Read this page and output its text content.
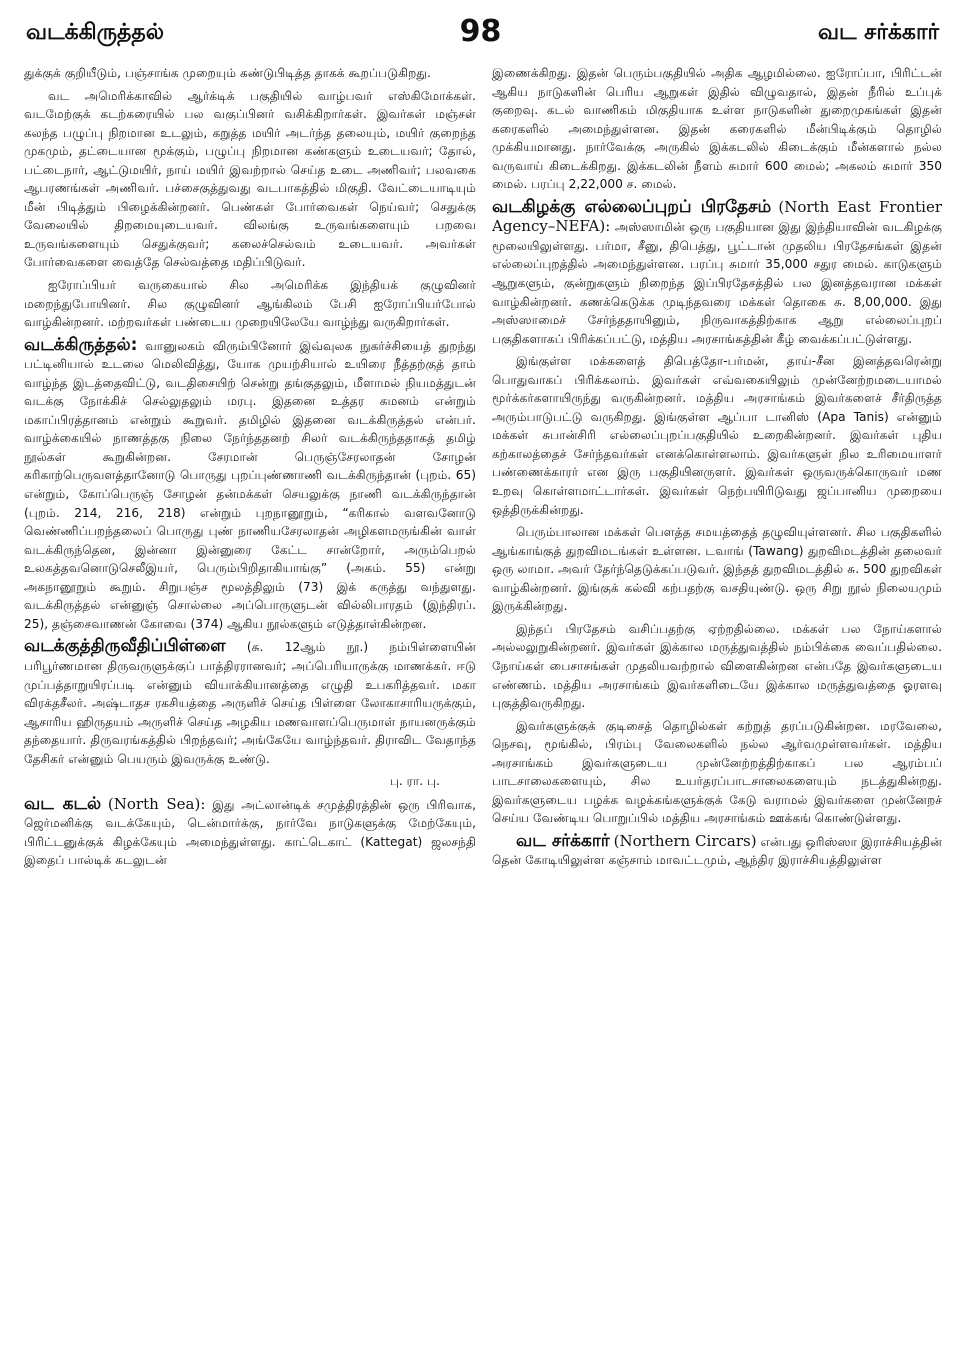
வடக்கிருத்தல்	98	வட சர்க்கார்

துக்குக் குறியீடும், பஞ்சாங்க முறையும் கண்டுபிடித்த தாகக் கூறப்படுகிறது.

வட அமெரிக்காவில் ஆர்க்டிக் பகுதியில் வாழ்பவர் எஸ்கிமோக்கள். வடமேற்குக் கடற்கரையில் பல வகுப்பினர் வசிக்கிறார்கள். இவர்கள் மஞ்சள் கலந்த பழுப்பு நிறமான உடலும், கறுத்த மயிர் அடர்ந்த தலையும், மயிர் குறைந்த முகமும், தட்டையான மூக்கும், பழுப்பு நிறமான கண்களும் உடையவர்; தோல், பட்டைநார், ஆட்டுமயிர், நாய் மயிர் இவற்றால் செய்த உடை அணிவர்; பலவகை ஆபரணங்கள் அணிவர். பச்சைகுத்துவது வடபாகத்தில் மிகுதி. வேட்டையாடியும் மீன் பிடித்தும் பிழைக்கின்றனர். பெண்கள் போர்வைகள் நெய்வர்; செதுக்கு வேலையில் திறமையுடையவர். விலங்கு உருவங்களையும் பறவை உருவங்களையும் செதுக்குவர்; கலைச்செல்வம் உடையவர். அவர்கள் போர்வைகளை வைத்தே செல்வத்தை மதிப்பிடுவர்.

ஐரோப்பியர் வருகையால் சில அமெரிக்க இந்தியக் குழுவினர் மறைந்துபோயினர். சில குழுவினர் ஆங்கிலம் பேசி ஐரோப்பியர்போல் வாழ்கின்றனர். மற்றவர்கள் பண்டைய முறையிலேயே வாழ்ந்து வருகிறார்கள்.

வடக்கிருத்தல்: வானுலகம் விரும்பினோர் இவ்வுலக நுகர்ச்சியைத் துறந்து பட்டினியால் உடலை மெலிவித்து, யோக முயற்சியால் உயிரை நீத்தற்குத் தாம் வாழ்ந்த இடத்தைவிட்டு, வடதிசையிற் சென்று தங்குதலும், மீளாமல் நியமத்துடன் வடக்கு நோக்கிச் செல்லுதலும் மரபு. இதனை உத்தர கமனம் என்றும் மகாப்பிரத்தானம் என்றும் கூறுவர். தமிழில் இதனை வடக்கிருத்தல் என்பர். வாழ்க்கையில் நாணத்தகு நிலை நேர்ந்ததனற் சிலர் வடக்கிருந்ததாகத் தமிழ் நூல்கள் கூறுகின்றன. சேரமான் பெருஞ்சேரலாதன் சோழன் கரிகாற்பெருவளத்தானோடு பொருது புறப்புண்ணாணி வடக்கிருந்தான் (புறம். 65) என்றும், கோப்பெருஞ் சோழன் தன்மக்கள் செயலுக்கு நாணி வடக்கிருந்தான் (புறம். 214, 216, 218) என்றும் புறநானூறும், “கரிகால் வளவனோடு வெண்ணிப்பறந்தலைப் பொருது புண் நாணியசேரலாதன் அழிகளமருங்கின் வாள் வடக்கிருந்தென, இன்னா இன்னுரை கேட்ட சான்றோர், அரும்பெறல் உலகத்தவனொடுசெலீஇயர், பெரும்பிறிதாகியாங்கு” (அகம். 55) என்று அகநானூறும் கூறும். சிறுபஞ்ச மூலத்திலும் (73) இக் கருத்து வந்துளது. வடக்கிருத்தல் என்னுஞ் சொல்லை அப்பொருளுடன் வில்லிபாரதம் (இந்திரப். 25), தஞ்சைவாணன் கோவை (374) ஆகிய நூல்களும் எடுத்தாள்கின்றன.

வடக்குத்திருவீதிப்பிள்ளை (சு. 12ஆம் நூ.) நம்பிள்ளையின் பரிபூர்ணமான திருவருளுக்குப் பாத்திரரானவர்; அப்பெரியாருக்கு மாணக்கர். ஈடு முப்பத்தாறுயிரப்படி என்னும் வியாக்கியானத்தை எழுதி உபகரித்தவர். மகா விரக்தசீலர். அஷ்டாதச ரகசியத்தை அருளிச் செய்த பிள்ளை லோகாசாரியருக்கும், ஆசாரிய ஹிருதயம் அருளிச் செய்த அழகிய மணவாளப்பெருமாள் நாயனருக்கும் தந்தையார். திருவரங்கத்தில் பிறந்தவர்; அங்கேயே வாழ்ந்தவர். திராவிட வேதாந்த தேசிகர் என்னும் பெயரும் இவருக்கு உண்டு.

பு. ரா. பு.

வட கடல் (North Sea): இது அட்லான்டிக் சமுத்திரத்தின் ஒரு பிரிவாக, ஜெர்மனிக்கு வடக்கேயும், டென்மார்க்கு, நார்வே நாடுகளுக்கு மேற்கேயும், பிரிட்டனுக்குக் கிழக்கேயும் அமைந்துள்ளது. காட்டெகாட் (Kattegat) ஜலசந்தி இதைப் பால்டிக் கடலுடன்

இணைக்கிறது. இதன் பெரும்பகுதியில் அதிக ஆழமில்லை. ஐரோப்பா, பிரிட்டன் ஆகிய நாடுகளின் பெரிய ஆறுகள் இதில் விழுவதால், இதன் நீரில் உப்புக் குறைவு. கடல் வாணிகம் மிகுதியாக உள்ள நாடுகளின் துறைமுகங்கள் இதன் கரைகளில் அமைந்துள்ளன. இதன் கரைகளில் மீன்பிடிக்கும் தொழில் முக்கியமானது. நார்வேக்கு அருகில் இக்கடலில் கிடைக்கும் மீன்களால் நல்ல வருவாய் கிடைக்கிறது. இக்கடலின் நீளம் சுமார் 600 மைல்; அகலம் சுமார் 350 மைல். பரப்பு 2,22,000 ச. மைல்.

வடகிழக்கு எல்லைப்புறப் பிரதேசம் (North East Frontier Agency–NEFA): அஸ்ஸாமின் ஒரு பகுதியான இது இந்தியாவின் வடகிழக்கு மூலையிலுள்ளது. பர்மா, சீனு, திபெத்து, பூட்டான் முதலிய பிரதேசங்கள் இதன் எல்லைப்புறத்தில் அமைந்துள்ளன. பரப்பு சுமார் 35,000 சதுர மைல். காடுகளும் ஆறுகளும், குன்றுகளும் நிறைந்த இப்பிரதேசத்தில் பல இனத்தவரான மக்கள் வாழ்கின்றனர். கணக்கெடுக்க முடிந்தவரை மக்கள் தொகை சு. 8,00,000. இது அஸ்ஸாமைச் சேர்ந்ததாயினும், நிருவாகத்திற்காக ஆறு எல்லைப்புறப் பகுதிகளாகப் பிரிக்கப்பட்டு, மத்திய அரசாங்கத்தின் கீழ் வைக்கப்பட்டுள்ளது.

இங்குள்ள மக்களைத் திபெத்தோ-பர்மன், தாய்-சீன இனத்தவரென்று பொதுவாகப் பிரிக்கலாம். இவர்கள் எவ்வகையிலும் முன்னேற்றமடையாமல் மூர்க்கர்களாயிருந்து வருகின்றனர். மத்திய அரசாங்கம் இவர்களைச் சீர்திருத்த அரும்பாடுபட்டு வருகிறது. இங்குள்ள ஆப்பா டானிஸ் (Apa Tanis) என்னும் மக்கள் சுபான்சிரி எல்லைப்புறப்பகுதியில் உறைகின்றனர். இவர்கள் புதிய கற்காலத்தைச் சேர்ந்தவர்கள் எனக்கொள்ளலாம். இவர்களுள் நில உரிமையாளர் பண்ணைக்காரர் என இரு பகுதியினருளர். இவர்கள் ஒருவருக்கொருவர் மண உறவு கொள்ளமாட்டார்கள். இவர்கள் நெற்பயிரிடுவது ஜப்பானிய முறையை ஒத்திருக்கின்றது.

பெரும்பாலான மக்கள் பௌத்த சமயத்தைத் தழுவியுள்ளனர். சில பகுதிகளில் ஆங்காங்குத் துறவிமடங்கள் உள்ளன. டவாங் (Tawang) துறவிமடத்தின் தலைவர் ஒரு லாமா. அவர் தேர்ந்தெடுக்கப்படுவர். இந்தத் துறவிமடத்தில் சு. 500 துறவிகள் வாழ்கின்றனர். இங்குக் கல்வி கற்பதற்கு வசதியுண்டு. ஒரு சிறு நூல் நிலையமும் இருக்கின்றது.

இந்தப் பிரதேசம் வசிப்பதற்கு ஏற்றதில்லை. மக்கள் பல நோய்களால் அல்லலுறுகின்றனர். இவர்கள் இக்கால மருத்துவத்தில் நம்பிக்கை வைப்பதில்லை. நோய்கள் பைசாசங்கள் முதலியவற்றால் விளைகின்றன என்பதே இவர்களுடைய எண்ணம். மத்திய அரசாங்கம் இவர்களிடையே இக்கால மருத்துவத்தை ஓரளவு புகுத்திவருகிறது.

இவர்களுக்குக் குடிசைத் தொழில்கள் கற்றுத் தரப்படுகின்றன. மரவேலை, நெசவு, மூங்கில், பிரம்பு வேலைகளில் நல்ல ஆர்வமுள்ளவர்கள். மத்திய அரசாங்கம் இவர்களுடைய முன்னேற்றத்திற்காகப் பல ஆரம்பப் பாடசாலைகளையும், சில உயர்தரப்பாடசாலைகளையும் நடத்துகின்றது. இவர்களுடைய பழக்க வழக்கங்களுக்குக் கேடு வராமல் இவர்களை முன்னேறச் செய்ய வேண்டிய பொறுப்பில் மத்திய அரசாங்கம் ஊக்கங் கொண்டுள்ளது.

வட சர்க்கார் (Northern Circars) என்பது ஒரிஸ்ஸா இராச்சியத்தின் தென் கோடியிலுள்ள கஞ்சாம் மாவட்டமும், ஆந்திர இராச்சியத்திலுள்ள
